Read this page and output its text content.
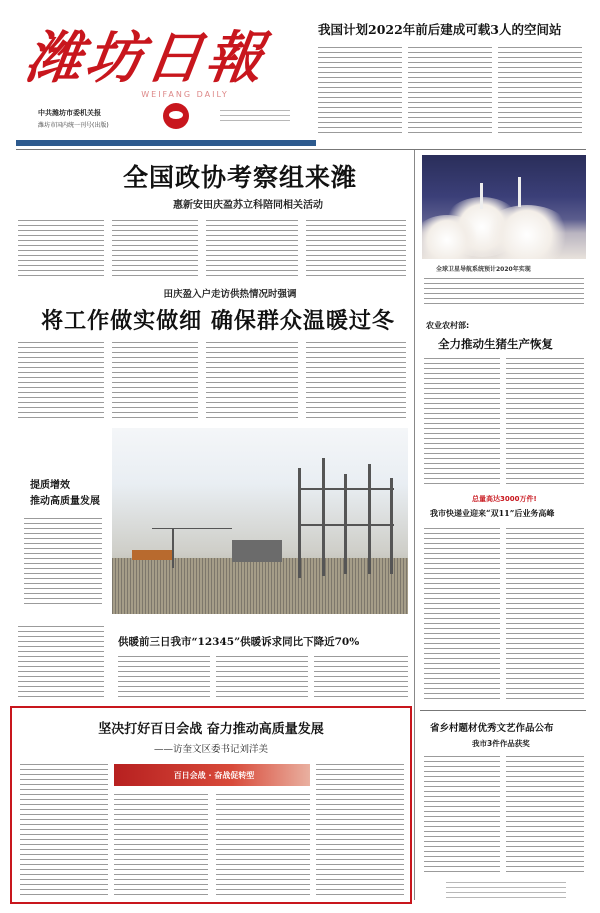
潍坊日報
WEIFANG DAILY
中共潍坊市委机关报
潍坊市国内统一刊号(出版)
我国计划2022年前后建成可载3人的空间站
全国政协考察组来潍
惠新安田庆盈苏立科陪同相关活动
田庆盈入户走访供热情况时强调
将工作做实做细 确保群众温暖过冬
提质增效
推动高质量发展
供暖前三日我市“12345”供暖诉求同比下降近70%
全球卫星导航系统预计2020年实现
农业农村部:
全力推动生猪生产恢复
总量高达3000万件!
我市快递业迎来“双11”后业务高峰
省乡村题材优秀文艺作品公布
我市3件作品获奖
坚决打好百日会战 奋力推动高质量发展
——访奎文区委书记刘洋美
百日会战 · 奋战促转型
